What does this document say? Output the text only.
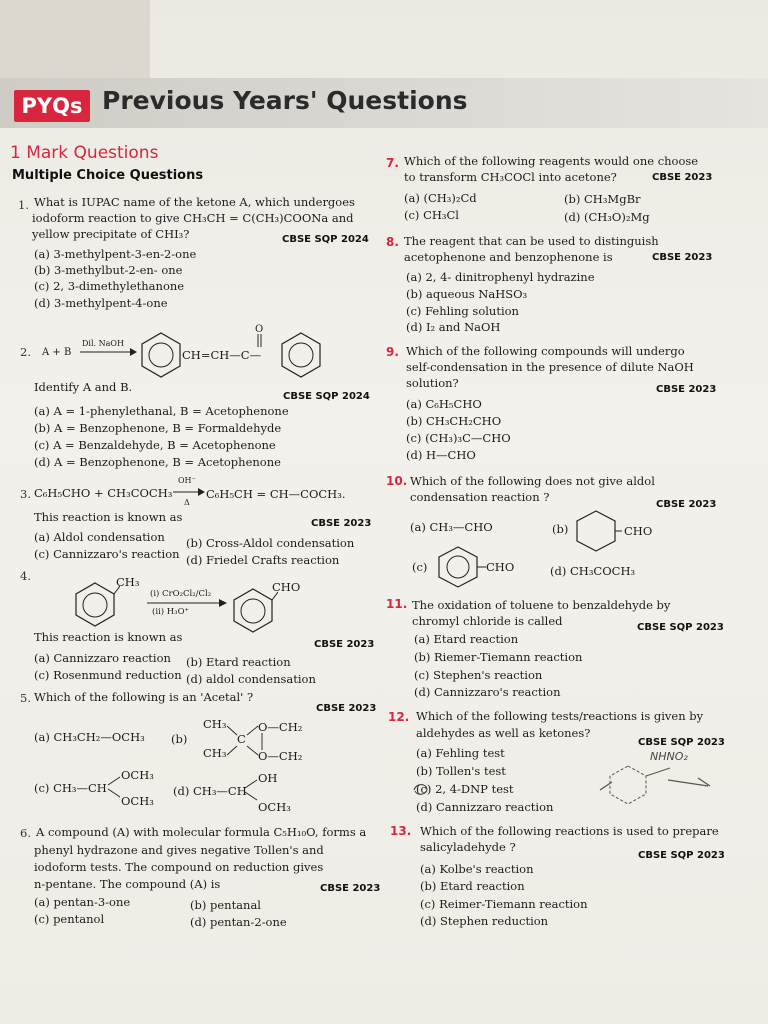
PYQs Previous Years' Questions
1 Mark Questions
Multiple Choice Questions
1. What is IUPAC name of the ketone A, which undergoes
iodoform reaction to give CH₃CH = C(CH₃)COONa and
yellow precipitate of CHI₃?	CBSE SQP 2024
(a) 3-methylpent-3-en-2-one
(b) 3-methylbut-2-en- one
(c) 2, 3-dimethylethanone
(d) 3-methylpent-4-one
2. A + B
Dil. NaOH
CH=CH—C—
O
Identify A and B.
CBSE SQP 2024
(a) A = 1-phenylethanal, B = Acetophenone
(b) A = Benzophenone, B = Formaldehyde
(c) A = Benzaldehyde, B = Acetophenone
(d) A = Benzophenone, B = Acetophenone
3. C₆H₅CHO + CH₃COCH₃
OH⁻
Δ
C₆H₅CH = CH—COCH₃.
This reaction is known as	CBSE 2023
(a) Aldol condensation (b) Cross-Aldol condensation
(c) Cannizzaro's reaction (d) Friedel Crafts reaction
4.	CH₃
(i) CrO₂Cl₂/Cl₂
(ii) H₃O⁺
CHO
This reaction is known as
CBSE 2023
(a) Cannizzaro reaction (b) Etard reaction
(c) Rosenmund reduction (d) aldol condensation
5. Which of the following is an 'Acetal' ?
CBSE 2023
(a) CH₃CH₂—OCH₃ (b)
CH₃
CH₃
C
O—CH₂
O—CH₂
OCH₃
(c) CH₃—CH
OCH₃
OH
(d) CH₃—CH
OCH₃
6. A compound (A) with molecular formula C₅H₁₀O, forms a
phenyl hydrazone and gives negative Tollen's and
iodoform tests. The compound on reduction gives
n-pentane. The compound (A) is	CBSE 2023
(a) pentan-3-one	(b) pentanal
(c) pentanol	(d) pentan-2-one
7. Which of the following reagents would one choose
to transform CH₃COCl into acetone?	CBSE 2023
(a) (CH₃)₂Cd	(b) CH₃MgBr
(c) CH₃Cl	(d) (CH₃O)₂Mg
8. The reagent that can be used to distinguish
acetophenone and benzophenone is	CBSE 2023
(a) 2, 4- dinitrophenyl hydrazine
(b) aqueous NaHSO₃
(c) Fehling solution
(d) I₂ and NaOH
9. Which of the following compounds will undergo
self-condensation in the presence of dilute NaOH
solution?	CBSE 2023
(a) C₆H₅CHO
(b) CH₃CH₂CHO
(c) (CH₃)₃C—CHO
(d) H—CHO
10. Which of the following does not give aldol
condensation reaction ?
CBSE 2023
(a) CH₃—CHO	(b)	CHO
(c)	CHO	(d) CH₃COCH₃
11. The oxidation of toluene to benzaldehyde by
chromyl chloride is called	CBSE SQP 2023
(a) Etard reaction
(b) Riemer-Tiemann reaction
(c) Stephen's reaction
(d) Cannizzaro's reaction
12. Which of the following tests/reactions is given by
aldehydes as well as ketones?
CBSE SQP 2023
NHNO₂
(a) Fehling test
(b) Tollen's test
(c) 2, 4-DNP test
(d) Cannizzaro reaction
13. Which of the following reactions is used to prepare
salicyladehyde ?
CBSE SQP 2023
(a) Kolbe's reaction
(b) Etard reaction
(c) Reimer-Tiemann reaction
(d) Stephen reduction
